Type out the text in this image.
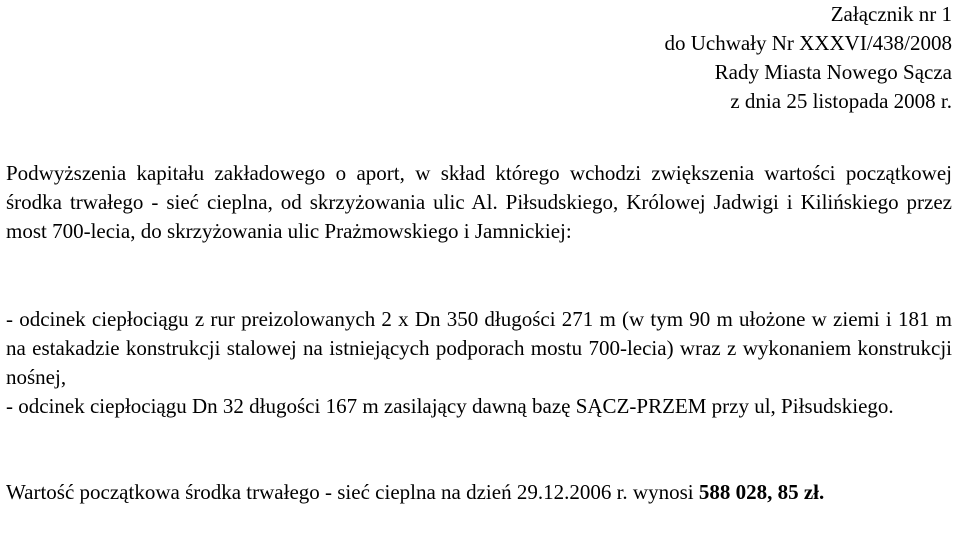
Załącznik nr 1
do Uchwały Nr XXXVI/438/2008
Rady Miasta Nowego Sącza
z dnia 25 listopada 2008 r.

Podwyższenia kapitału zakładowego o aport, w skład którego wchodzi zwiększenia wartości początkowej środka trwałego - sieć cieplna, od skrzyżowania ulic Al. Piłsudskiego, Królowej Jadwigi i Kilińskiego przez most 700-lecia, do skrzyżowania ulic Prażmowskiego i Jamnickiej:

- odcinek ciepłociągu z rur preizolowanych 2 x Dn 350 długości 271 m (w tym 90 m ułożone w ziemi i 181 m na estakadzie konstrukcji stalowej na istniejących podporach mostu 700-lecia) wraz z wykonaniem konstrukcji nośnej,

- odcinek ciepłociągu Dn 32 długości 167 m zasilający dawną bazę SĄCZ-PRZEM przy ul, Piłsudskiego.

Wartość początkowa środka trwałego - sieć cieplna na dzień 29.12.2006 r. wynosi 588 028, 85 zł.
